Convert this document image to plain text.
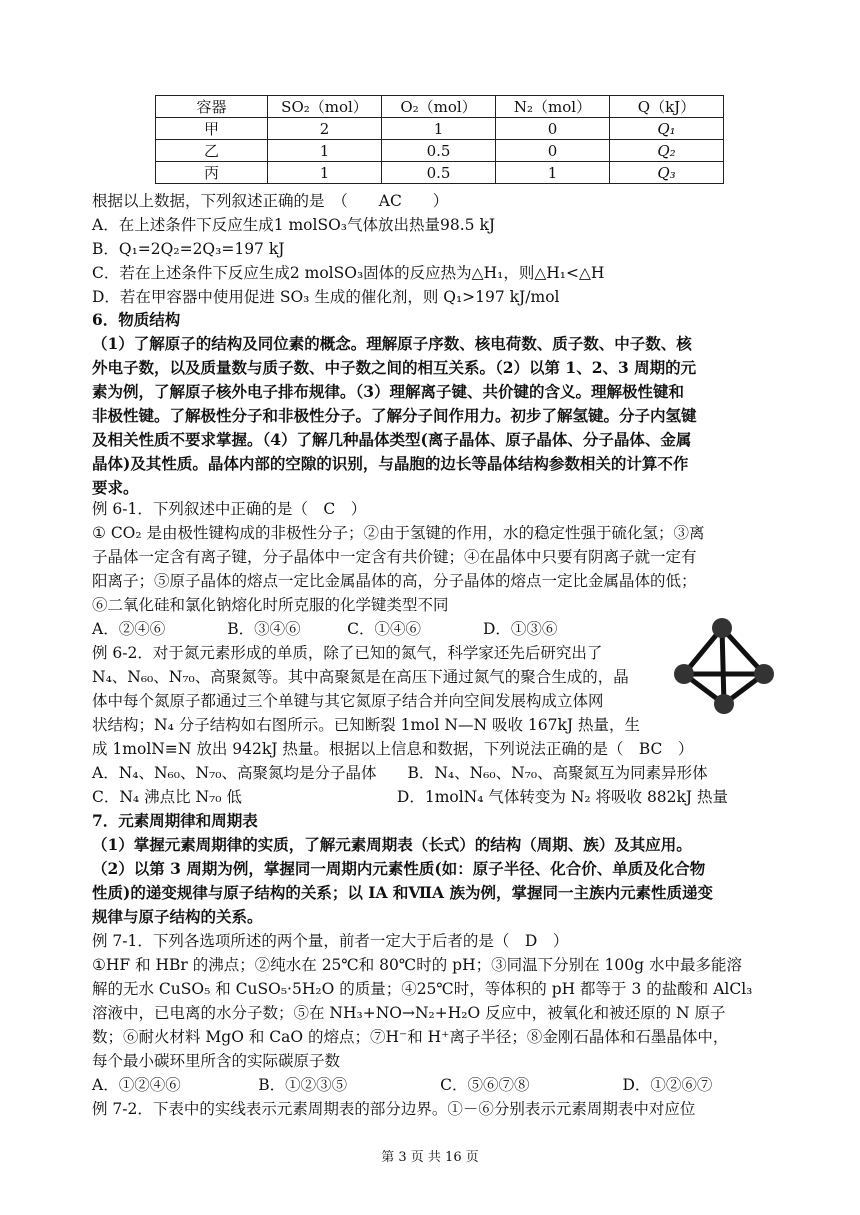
容器	SO₂（mol）	O₂（mol）	N₂（mol）	Q（kJ）
甲	2	1	0	Q₁
乙	1	0.5	0	Q₂
丙	1	0.5	1	Q₃
根据以上数据，下列叙述正确的是　（　　AC　　）
A．在上述条件下反应生成1 molSO₃气体放出热量98.5 kJ
B．Q₁=2Q₂=2Q₃=197 kJ
C．若在上述条件下反应生成2 molSO₃固体的反应热为△H₁，则△H₁<△H
D．若在甲容器中使用促进 SO₃ 生成的催化剂，则 Q₁>197 kJ/mol
6．物质结构
（1）了解原子的结构及同位素的概念。理解原子序数、核电荷数、质子数、中子数、核
外电子数，以及质量数与质子数、中子数之间的相互关系。（2）以第 1、2、3 周期的元
素为例，了解原子核外电子排布规律。（3）理解离子键、共价键的含义。理解极性键和
非极性键。了解极性分子和非极性分子。了解分子间作用力。初步了解氢键。分子内氢键
及相关性质不要求掌握。（4）了解几种晶体类型(离子晶体、原子晶体、分子晶体、金属
晶体)及其性质。晶体内部的空隙的识别，与晶胞的边长等晶体结构参数相关的计算不作
要求。
例 6-1．下列叙述中正确的是（　C　）
① CO₂ 是由极性键构成的非极性分子；②由于氢键的作用，水的稳定性强于硫化氢；③离
子晶体一定含有离子键，分子晶体中一定含有共价键；④在晶体中只要有阴离子就一定有
阳离子；⑤原子晶体的熔点一定比金属晶体的高，分子晶体的熔点一定比金属晶体的低；
⑥二氧化硅和氯化钠熔化时所克服的化学键类型不同
A．②④⑥　　　　B．③④⑥　　　C．①④⑥　　　　D．①③⑥
例 6-2．对于氮元素形成的单质，除了已知的氮气，科学家还先后研究出了
N₄、N₆₀、N₇₀、高聚氮等。其中高聚氮是在高压下通过氮气的聚合生成的，晶
体中每个氮原子都通过三个单键与其它氮原子结合并向空间发展构成立体网
状结构；N₄ 分子结构如右图所示。已知断裂 1mol N—N 吸收 167kJ 热量，生
成 1molN≡N 放出 942kJ 热量。根据以上信息和数据，下列说法正确的是（　BC　）
A．N₄、N₆₀、N₇₀、高聚氮均是分子晶体　　B．N₄、N₆₀、N₇₀、高聚氮互为同素异形体
C．N₄ 沸点比 N₇₀ 低　　　　　　　　　　D．1molN₄ 气体转变为 N₂ 将吸收 882kJ 热量
7．元素周期律和周期表
（1）掌握元素周期律的实质，了解元素周期表（长式）的结构（周期、族）及其应用。
（2）以第 3 周期为例，掌握同一周期内元素性质(如：原子半径、化合价、单质及化合物
性质)的递变规律与原子结构的关系；以 IA 和ⅦA 族为例，掌握同一主族内元素性质递变
规律与原子结构的关系。
例 7-1．下列各选项所述的两个量，前者一定大于后者的是（　D　）
①HF 和 HBr 的沸点；②纯水在 25℃和 80℃时的 pH；③同温下分别在 100g 水中最多能溶
解的无水 CuSO₅ 和 CuSO₅·5H₂O 的质量；④25℃时，等体积的 pH 都等于 3 的盐酸和 AlCl₃
溶液中，已电离的水分子数；⑤在 NH₃+NO→N₂+H₂O 反应中，被氧化和被还原的 N 原子
数；⑥耐火材料 MgO 和 CaO 的熔点；⑦H⁻和 H⁺离子半径；⑧金刚石晶体和石墨晶体中，
每个最小碳环里所含的实际碳原子数
A．①②④⑥　　　　　B．①②③⑤　　　　　　C．⑤⑥⑦⑧　　　　　　D．①②⑥⑦
例 7-2．下表中的实线表示元素周期表的部分边界。①－⑥分别表示元素周期表中对应位
第 3 页 共 16 页
